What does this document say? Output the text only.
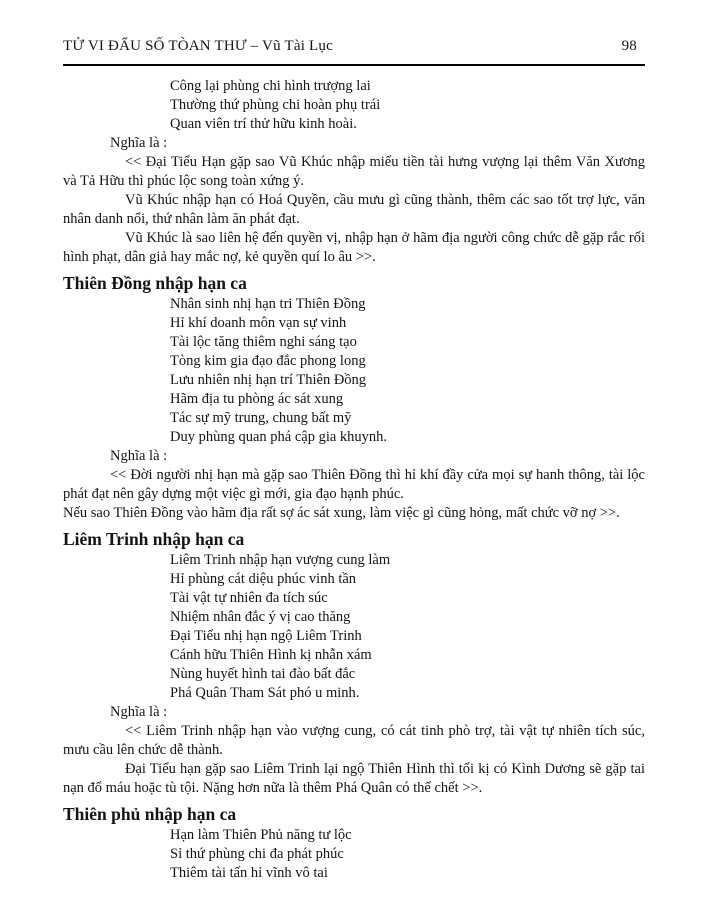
TỬ VI ĐẨU SỐ TÒAN THƯ – Vũ Tài Lục	98
Công lại phùng chi hình trượng lai
Thường thứ phùng chi hoàn phụ trái
Quan viên trí thử hữu kinh hoài.
Nghĩa là :

<< Đại Tiểu Hạn gặp sao Vũ Khúc nhập miếu tiền tài hưng vượng lại thêm Văn Xương và Tả Hữu thì phúc lộc song toàn xứng ý.

Vũ Khúc nhập hạn có Hoá Quyền, cầu mưu gì cũng thành, thêm các sao tốt trợ lực, văn nhân danh nổi, thứ nhân làm ăn phát đạt.

Vũ Khúc là sao liên hệ đến quyền vị, nhập hạn ở hãm địa người công chức dễ gặp rắc rối hình phạt, dân giả hay mắc nợ, kẻ quyền quí lo âu >>.

Thiên Đồng nhập hạn ca
Nhân sinh nhị hạn tri Thiên Đồng
Hỉ khí doanh môn vạn sự vinh
Tài lộc tăng thiêm nghi sáng tạo
Tòng kim gia đạo đắc phong long
Lưu nhiên nhị hạn trí Thiên Đồng
Hãm địa tu phòng ác sát xung
Tác sự mỹ trung, chung bất mỹ
Duy phùng quan phá cập gia khuynh.
Nghĩa là :

<< Đời người nhị hạn mà gặp sao Thiên Đồng thì hỉ khí đầy cửa mọi sự hanh thông, tài lộc phát đạt nên gây dựng một việc gì mới, gia đạo hạnh phúc.

Nếu sao Thiên Đồng vào hãm địa rất sợ ác sát xung, làm việc gì cũng hỏng, mất chức vỡ nợ >>.

Liêm Trinh nhập hạn ca
Liêm Trinh nhập hạn vượng cung làm
Hỉ phùng cát diệu phúc vinh tần
Tài vật tự nhiên đa tích súc
Nhiệm nhân đắc ý vị cao thăng
Đại Tiểu nhị hạn ngộ Liêm Trinh
Cánh hữu Thiên Hình kị nhẫn xám
Nùng huyết hình tai đào bất đắc
Phá Quân Tham Sát phó u minh.
Nghĩa là :

<< Liêm Trinh nhập hạn vào vượng cung, có cát tinh phò trợ, tài vật tự nhiên tích súc, mưu cầu lên chức dễ thành.

Đại Tiểu hạn gặp sao Liêm Trinh lại ngộ Thiên Hình thì tối kị có Kình Dương sẽ gặp tai nạn đổ máu hoặc tù tội. Nặng hơn nữa là thêm Phá Quân có thể chết >>.

Thiên phủ nhập hạn ca
Hạn làm Thiên Phủ năng tư lộc
Sỉ thứ phùng chi đa phát phúc
Thiêm tài tấn hỉ vĩnh vô tai
